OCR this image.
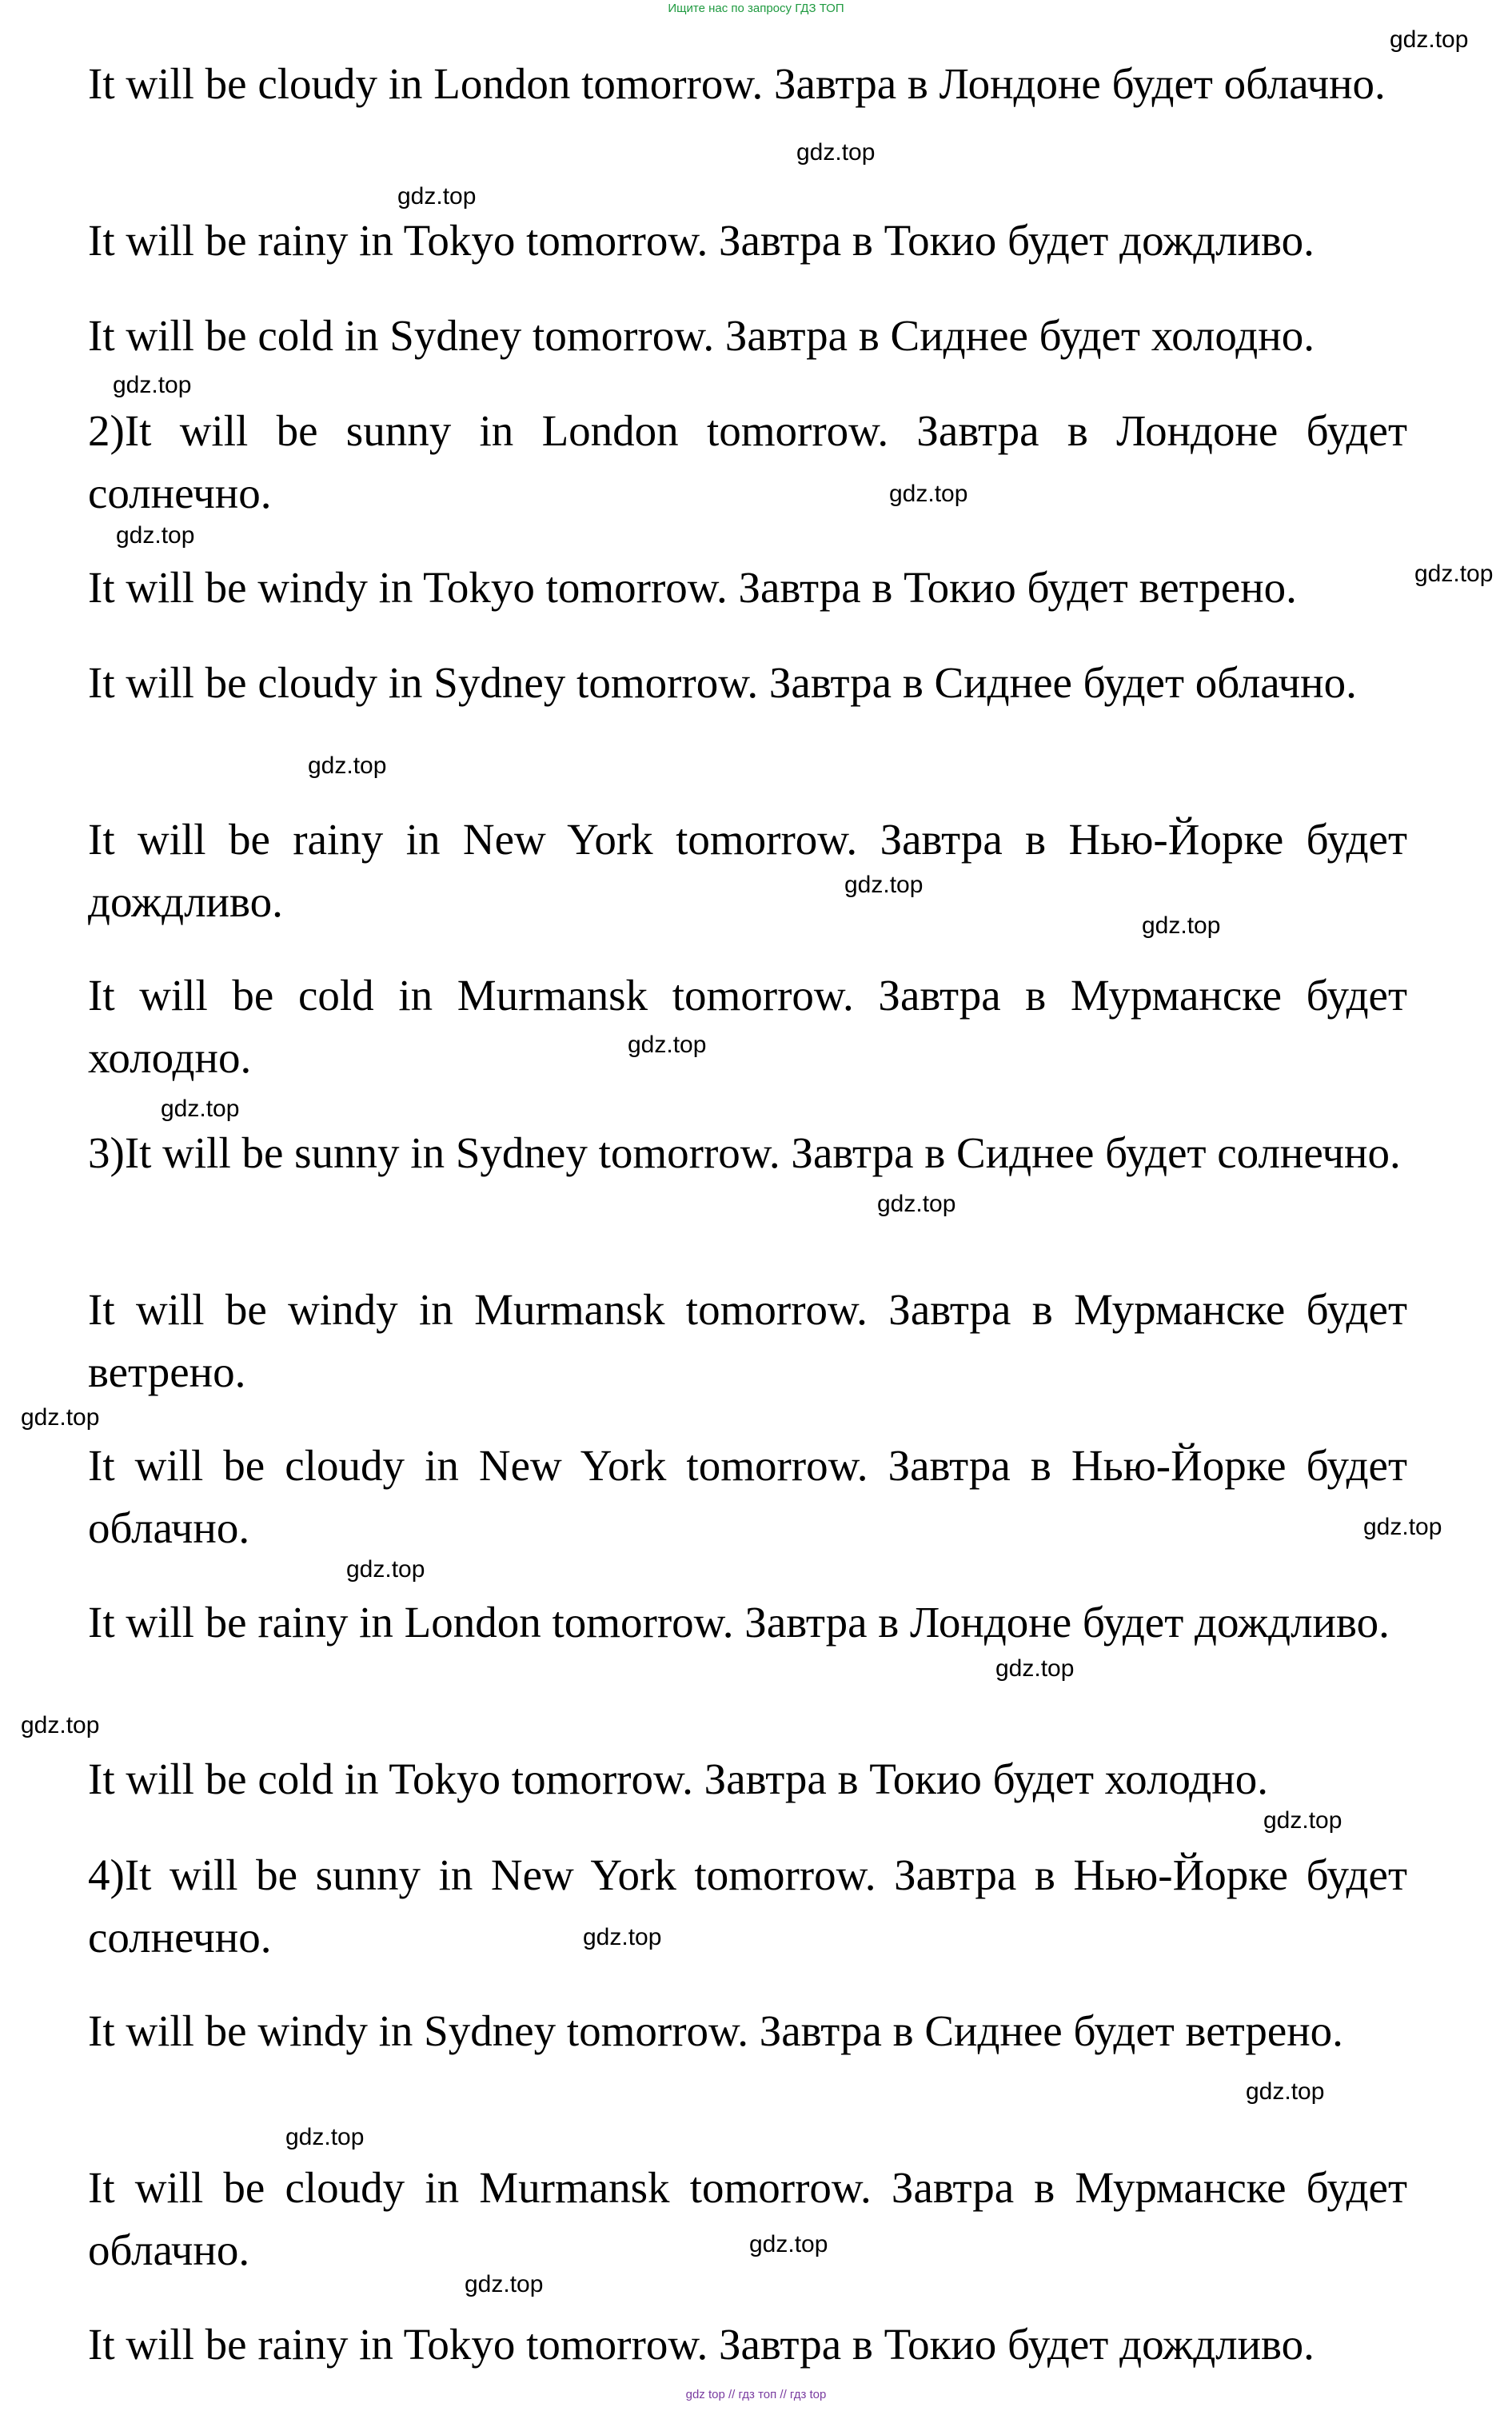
Ищите нас по запросу ГДЗ ТОП

It will be cloudy in London tomorrow. Завтра в Лондоне будет облачно.

It will be rainy in Tokyo tomorrow. Завтра в Токио будет дождливо.

It will be cold in Sydney tomorrow. Завтра в Сиднее будет холодно.

2)It will be sunny in London tomorrow. Завтра в Лондоне будет солнечно.

It will be windy in Tokyo tomorrow. Завтра в Токио будет ветрено.

It will be cloudy in Sydney tomorrow. Завтра в Сиднее будет облачно.

It will be rainy in New York tomorrow. Завтра в Нью-Йорке будет дождливо.

It will be cold in Murmansk tomorrow. Завтра в Мурманске будет холодно.

3)It will be sunny in Sydney tomorrow. Завтра в Сиднее будет солнечно.

It will be windy in Murmansk tomorrow. Завтра в Мурманске будет ветрено.

It will be cloudy in New York tomorrow. Завтра в Нью-Йорке будет облачно.

It will be rainy in London tomorrow. Завтра в Лондоне будет дождливо.

It will be cold in Tokyo tomorrow. Завтра в Токио будет холодно.

4)It will be sunny in New York tomorrow. Завтра в Нью-Йорке будет солнечно.

It will be windy in Sydney tomorrow. Завтра в Сиднее будет ветрено.

It will be cloudy in Murmansk tomorrow. Завтра в Мурманске будет облачно.

It will be rainy in Tokyo tomorrow. Завтра в Токио будет дождливо.

gdz.top
gdz.top
gdz.top
gdz.top
gdz.top
gdz.top
gdz.top
gdz.top
gdz.top
gdz.top
gdz.top
gdz.top
gdz.top
gdz.top
gdz.top
gdz.top
gdz.top
gdz.top
gdz.top
gdz.top
gdz.top
gdz.top
gdz.top
gdz.top
gdz top // гдз топ // гдз top
